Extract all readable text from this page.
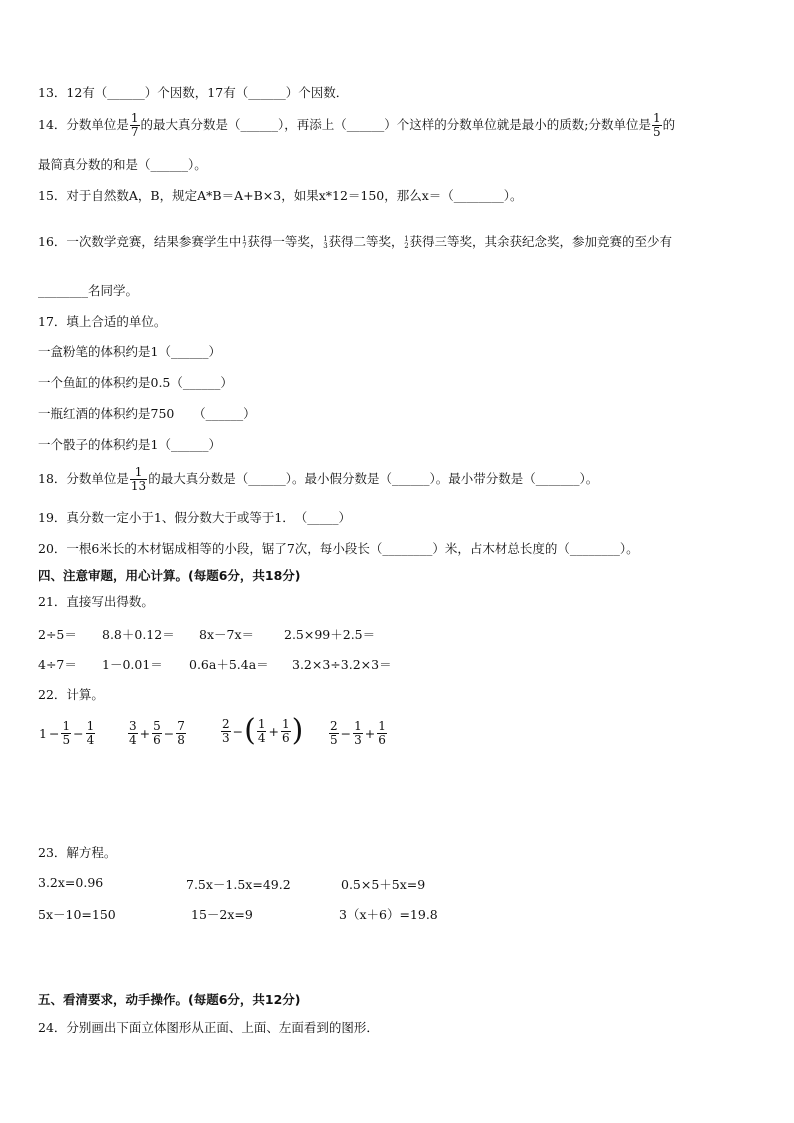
13．12有（______）个因数，17有（______）个因数．
14．分数单位是 $\frac{1}{7}$ 的最大真分数是（______），再添上（______）个这样的分数单位就是最小的质数;分数单位是 $\frac{1}{5}$ 的
最简真分数的和是（______）。
15．对于自然数A，B，规定A*B＝A+B×3，如果x*12＝150，那么x＝（________）。
16．一次数学竞赛，结果参赛学生中1
7获得一等奖，1
3获得二等奖，1
2获得三等奖，其余获纪念奖，参加竞赛的至少有
________名同学。
17．填上合适的单位。
一盒粉笔的体积约是1（______）
一个鱼缸的体积约是0.5（______）
一瓶红酒的体积约是750　　（______）
一个骰子的体积约是1（______）
18．分数单位是 $\frac{1}{13}$ 的最大真分数是（______）。最小假分数是（______）。最小带分数是（_______）。
19．真分数一定小于1、假分数大于或等于1．　（_____）
20．一根6米长的木材锯成相等的小段，锯了7次，每小段长（________）米，占木材总长度的（________）。
四、注意审题，用心计算。(每题6分，共18分)
21．直接写出得数。
2÷5＝ 8.8＋0.12＝ 8x－7x＝ 2.5×99＋2.5＝
4÷7＝ 1－0.01＝ 0.6a＋5.4a＝ 3.2×3÷3.2×3＝
22．计算。
$1 - \frac{1}{5} - \frac{1}{4}$	$\frac{3}{4} + \frac{5}{6} - \frac{7}{8}$	$\frac{2}{3}$ −( $\frac{1}{4} + \frac{1}{6}$ ) $\frac{2}{5} - \frac{1}{3} + \frac{1}{6}$
23．解方程。
3.2x=0.96	7.5x－1.5x=49.2	0.5×5＋5x=9
5x－10=150	15－2x=9	3（x＋6）=19.8
五、看清要求，动手操作。(每题6分，共12分)
24．分别画出下面立体图形从正面、上面、左面看到的图形．
